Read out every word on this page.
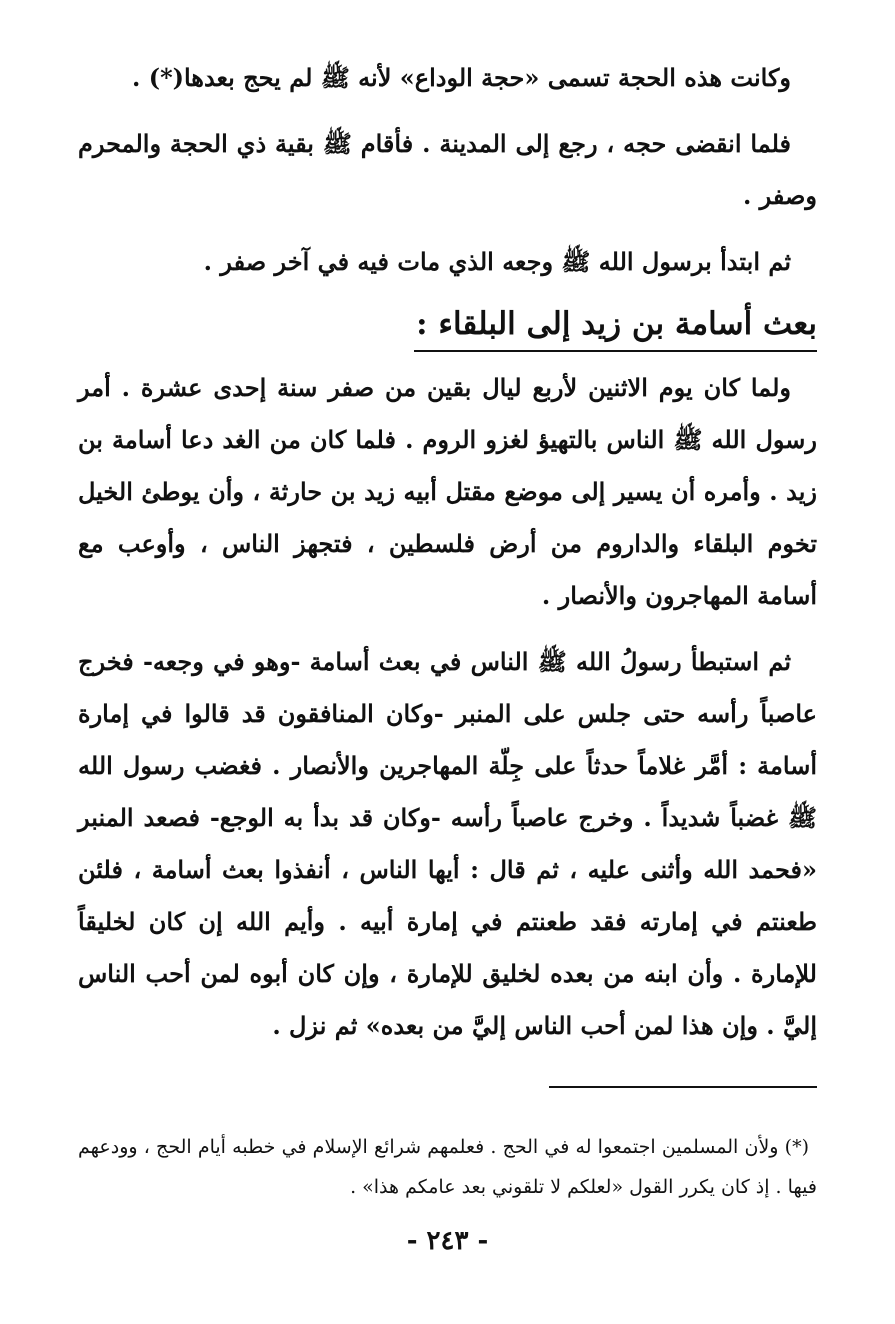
وكانت هذه الحجة تسمى «حجة الوداع» لأنه ﷺ لم يحج بعدها(*) .

فلما انقضى حجه ، رجع إلى المدينة . فأقام ﷺ بقية ذي الحجة والمحرم وصفر .

ثم ابتدأ برسول الله ﷺ وجعه الذي مات فيه في آخر صفر .

بعث أسامة بن زيد إلى البلقاء :

ولما كان يوم الاثنين لأربع ليال بقين من صفر سنة إحدى عشرة . أمر رسول الله ﷺ الناس بالتهيؤ لغزو الروم . فلما كان من الغد دعا أسامة بن زيد . وأمره أن يسير إلى موضع مقتل أبيه زيد بن حارثة ، وأن يوطئ الخيل تخوم البلقاء والداروم من أرض فلسطين ، فتجهز الناس ، وأوعب مع أسامة المهاجرون والأنصار .

ثم استبطأ رسولُ الله ﷺ الناس في بعث أسامة -وهو في وجعه- فخرج عاصباً رأسه حتى جلس على المنبر -وكان المنافقون قد قالوا في إمارة أسامة : أمَّر غلاماً حدثاً على جِلّة المهاجرين والأنصار . فغضب رسول الله ﷺ غضباً شديداً . وخرج عاصباً رأسه -وكان قد بدأ به الوجع- فصعد المنبر «فحمد الله وأثنى عليه ، ثم قال : أيها الناس ، أنفذوا بعث أسامة ، فلئن طعنتم في إمارته فقد طعنتم في إمارة أبيه . وأيم الله إن كان لخليقاً للإمارة . وأن ابنه من بعده لخليق للإمارة ، وإن كان أبوه لمن أحب الناس إليَّ . وإن هذا لمن أحب الناس إليَّ من بعده» ثم نزل .

(*) ولأن المسلمين اجتمعوا له في الحج . فعلمهم شرائع الإسلام في خطبه أيام الحج ، وودعهم فيها . إذ كان يكرر القول «لعلكم لا تلقوني بعد عامكم هذا» .

- ٢٤٣ -
